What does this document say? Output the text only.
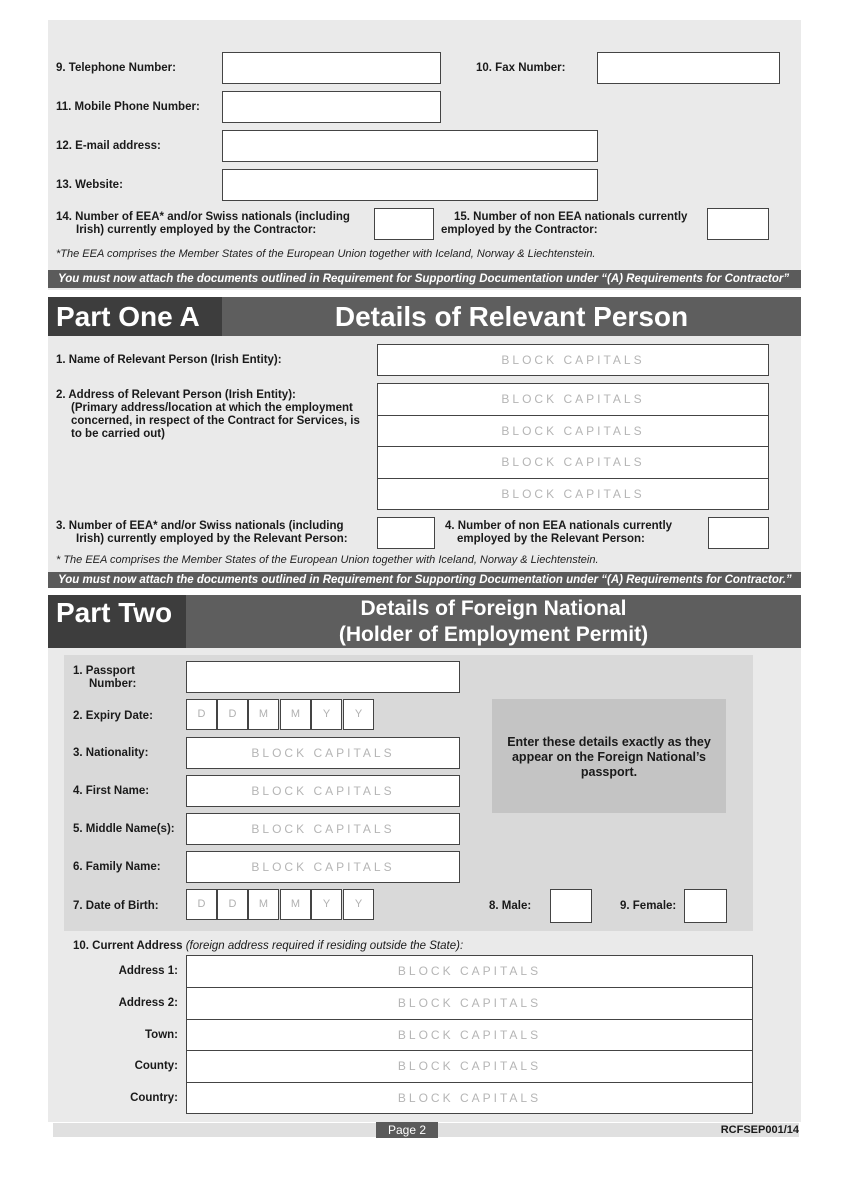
9. Telephone Number:	10. Fax Number:
11. Mobile Phone Number:
12. E-mail address:
13. Website:
14. Number of EEA* and/or Swiss nationals (including
Irish) currently employed by the Contractor:
15. Number of non EEA nationals currently
employed by the Contractor:
*The EEA comprises the Member States of the European Union together with Iceland, Norway & Liechtenstein.
You must now attach the documents outlined in Requirement for Supporting Documentation under “(A) Requirements for Contractor”
Part One A	Details of Relevant Person
1. Name of Relevant Person (Irish Entity):	BLOCK CAPITALS
2. Address of Relevant Person (Irish Entity):
(Primary address/location at which the employment
concerned, in respect of the Contract for Services, is
to be carried out)
BLOCK CAPITALS
BLOCK CAPITALS
BLOCK CAPITALS
BLOCK CAPITALS
3. Number of EEA* and/or Swiss nationals (including
Irish) currently employed by the Relevant Person:
4. Number of non EEA nationals currently
employed by the Relevant Person:
* The EEA comprises the Member States of the European Union together with Iceland, Norway & Liechtenstein.
You must now attach the documents outlined in Requirement for Supporting Documentation under “(A) Requirements for Contractor.”
Part Two	Details of Foreign National
(Holder of Employment Permit)
1. Passport
Number:
2. Expiry Date:	D	D	M	M	Y	Y
Enter these details exactly as they appear on the Foreign National’s passport.
3. Nationality:	BLOCK CAPITALS
4. First Name:	BLOCK CAPITALS
5. Middle Name(s):	BLOCK CAPITALS
6. Family Name:	BLOCK CAPITALS
7. Date of Birth:	D	D	M	M	Y	Y	8. Male:	9. Female:
10. Current Address (foreign address required if residing outside the State):
Address 1:	BLOCK CAPITALS
Address 2:	BLOCK CAPITALS
Town:	BLOCK CAPITALS
County:	BLOCK CAPITALS
Country:	BLOCK CAPITALS
Page 2	RCFSEP001/14
